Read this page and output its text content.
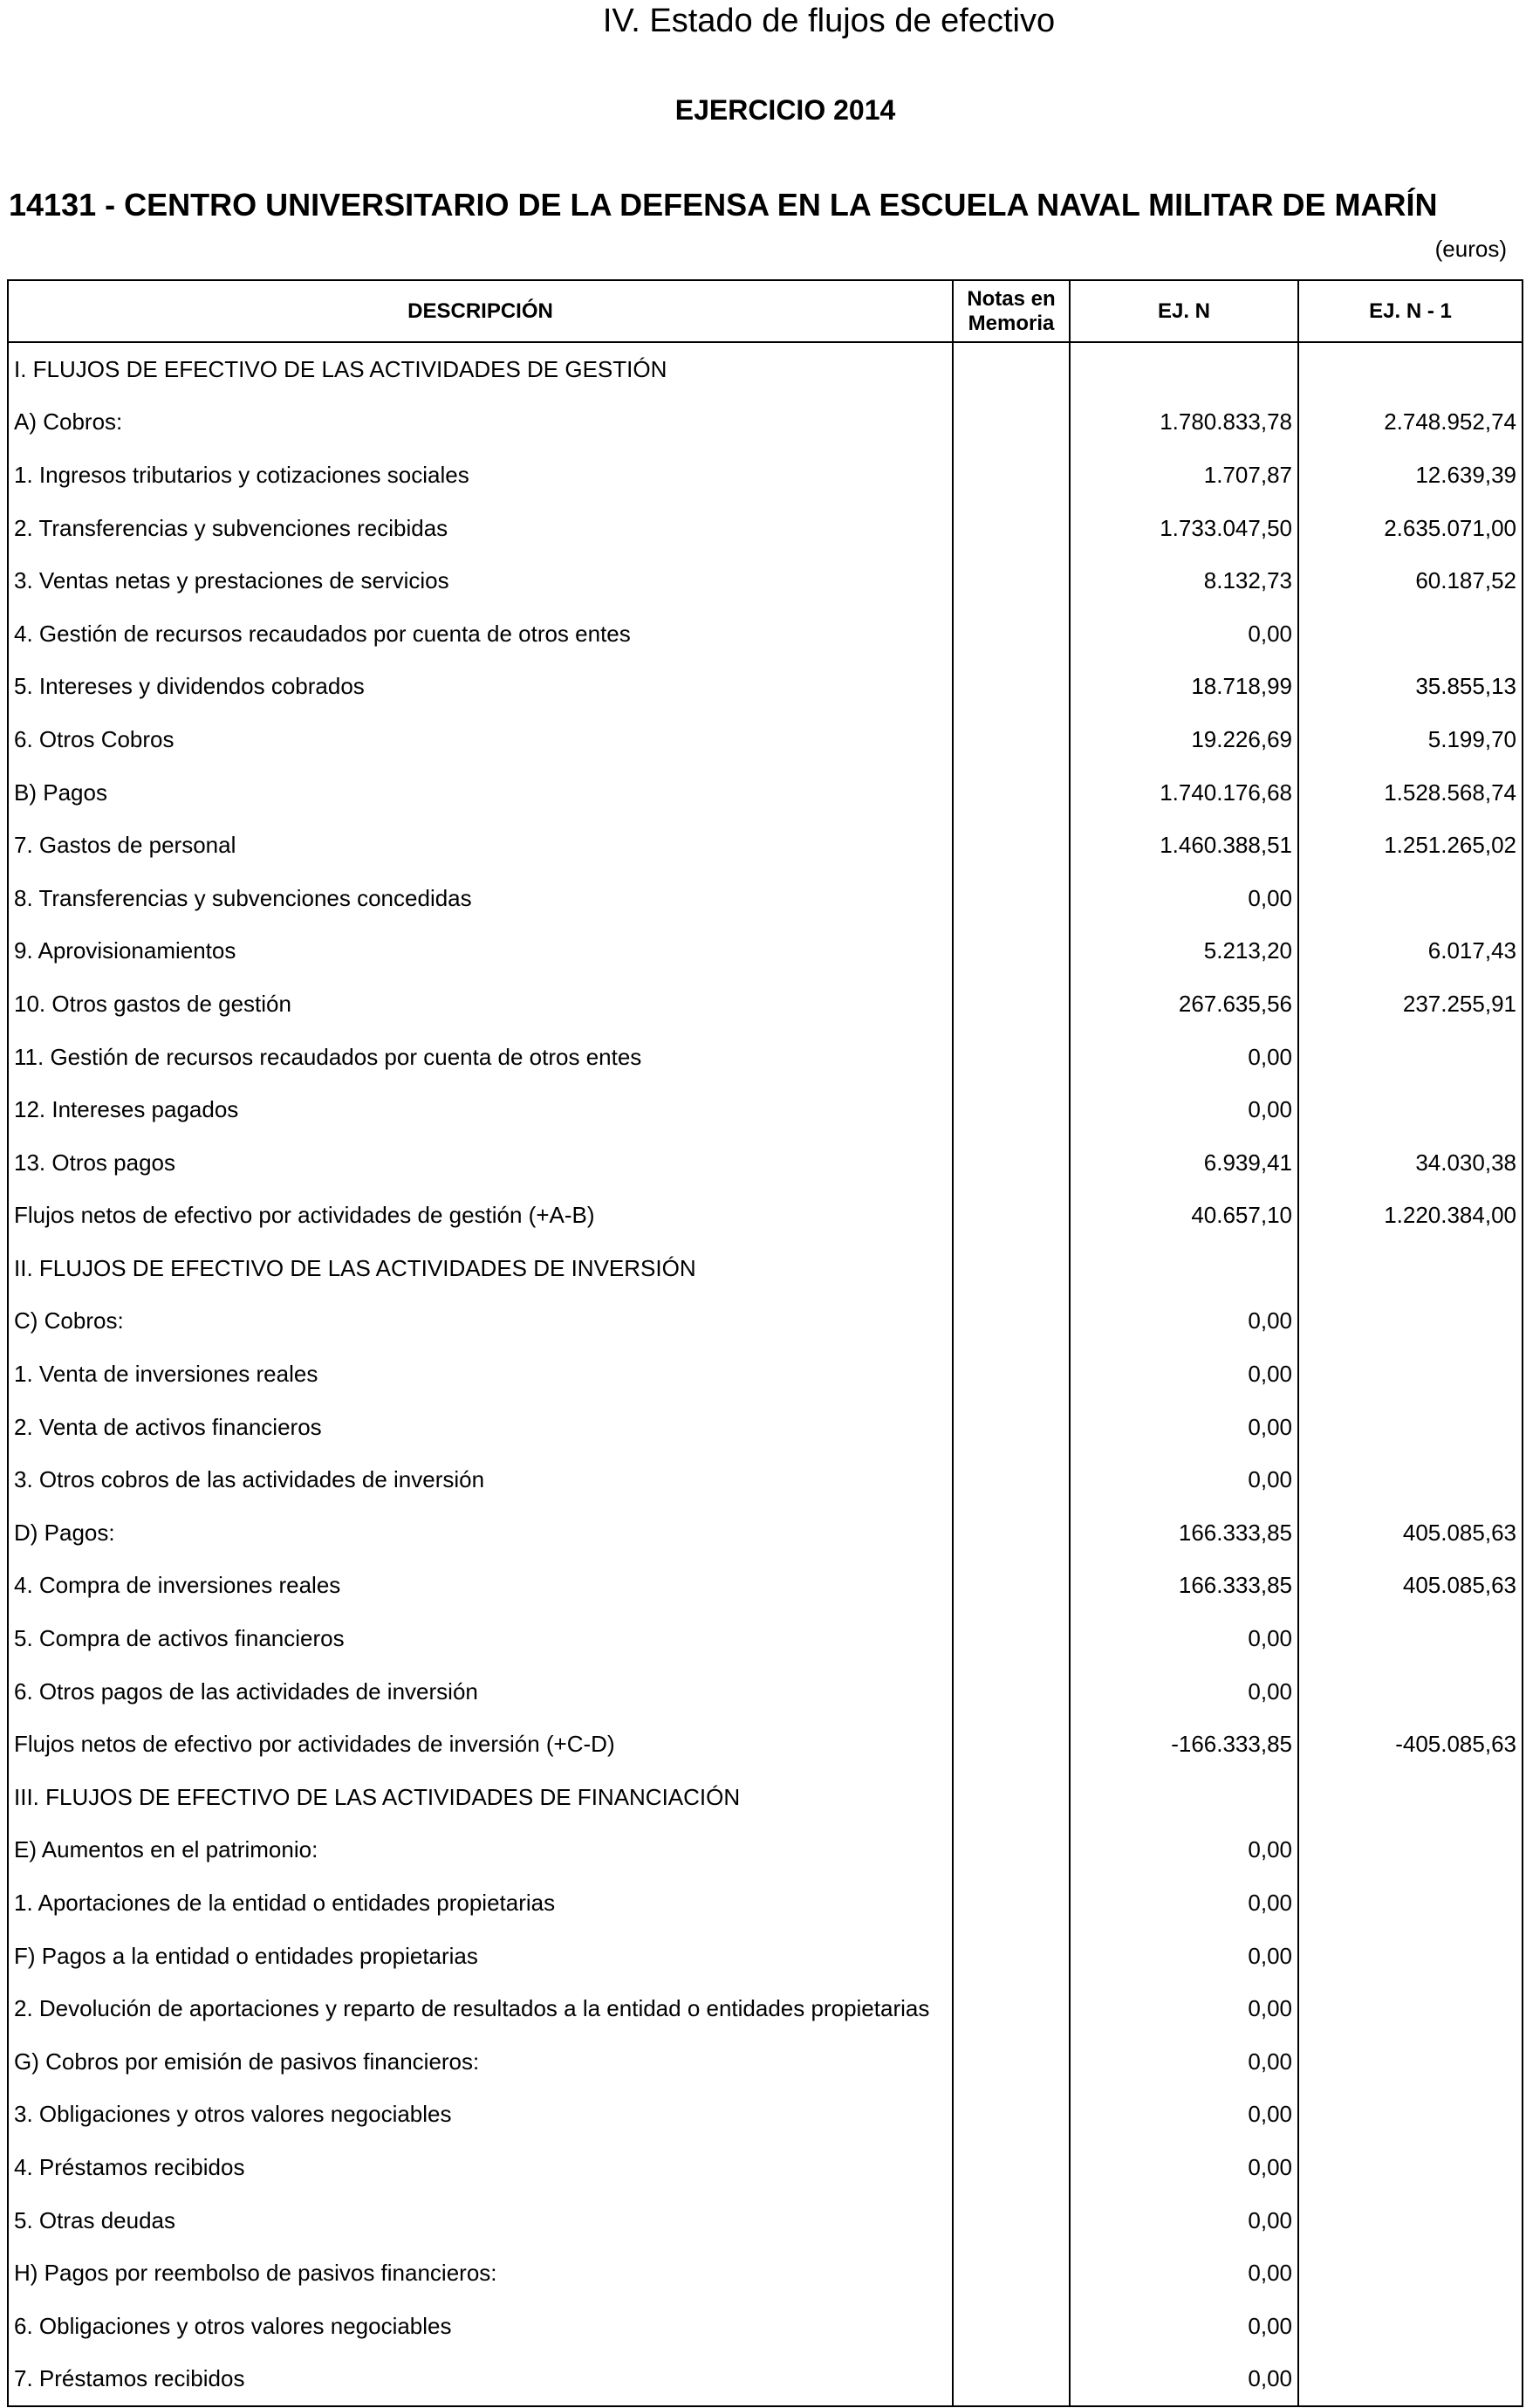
IV. Estado de flujos de efectivo
EJERCICIO 2014
14131 - CENTRO UNIVERSITARIO DE LA DEFENSA EN LA ESCUELA NAVAL MILITAR DE MARÍN
(euros)
DESCRIPCIÓN	Notas en Memoria	EJ. N	EJ. N - 1
I. FLUJOS DE EFECTIVO DE LAS ACTIVIDADES DE GESTIÓN			
A) Cobros:		1.780.833,78	2.748.952,74
1. Ingresos tributarios y cotizaciones sociales		1.707,87	12.639,39
2. Transferencias y subvenciones recibidas		1.733.047,50	2.635.071,00
3. Ventas netas y prestaciones de servicios		8.132,73	60.187,52
4. Gestión de recursos recaudados por cuenta de otros entes		0,00	
5. Intereses y dividendos cobrados		18.718,99	35.855,13
6. Otros Cobros		19.226,69	5.199,70
B) Pagos		1.740.176,68	1.528.568,74
7. Gastos de personal		1.460.388,51	1.251.265,02
8. Transferencias y subvenciones concedidas		0,00	
9. Aprovisionamientos		5.213,20	6.017,43
10. Otros gastos de gestión		267.635,56	237.255,91
11. Gestión de recursos recaudados por cuenta de otros entes		0,00	
12. Intereses pagados		0,00	
13. Otros pagos		6.939,41	34.030,38
Flujos netos de efectivo por actividades de gestión (+A-B)		40.657,10	1.220.384,00
II. FLUJOS DE EFECTIVO DE LAS ACTIVIDADES DE INVERSIÓN			
C) Cobros:		0,00	
1. Venta de inversiones reales		0,00	
2. Venta de activos financieros		0,00	
3. Otros cobros de las actividades de inversión		0,00	
D) Pagos:		166.333,85	405.085,63
4. Compra de inversiones reales		166.333,85	405.085,63
5. Compra de activos financieros		0,00	
6. Otros pagos de las actividades de inversión		0,00	
Flujos netos de efectivo por actividades de inversión (+C-D)		-166.333,85	-405.085,63
III. FLUJOS DE EFECTIVO DE LAS ACTIVIDADES DE FINANCIACIÓN			
E) Aumentos en el patrimonio:		0,00	
1. Aportaciones de la entidad o entidades propietarias		0,00	
F) Pagos a la entidad o entidades propietarias		0,00	
2. Devolución de aportaciones y reparto de resultados a la entidad o entidades propietarias		0,00	
G) Cobros por emisión de pasivos financieros:		0,00	
3. Obligaciones y otros valores negociables		0,00	
4. Préstamos recibidos		0,00	
5. Otras deudas		0,00	
H) Pagos por reembolso de pasivos financieros:		0,00	
6. Obligaciones y otros valores negociables		0,00	
7. Préstamos recibidos		0,00	
